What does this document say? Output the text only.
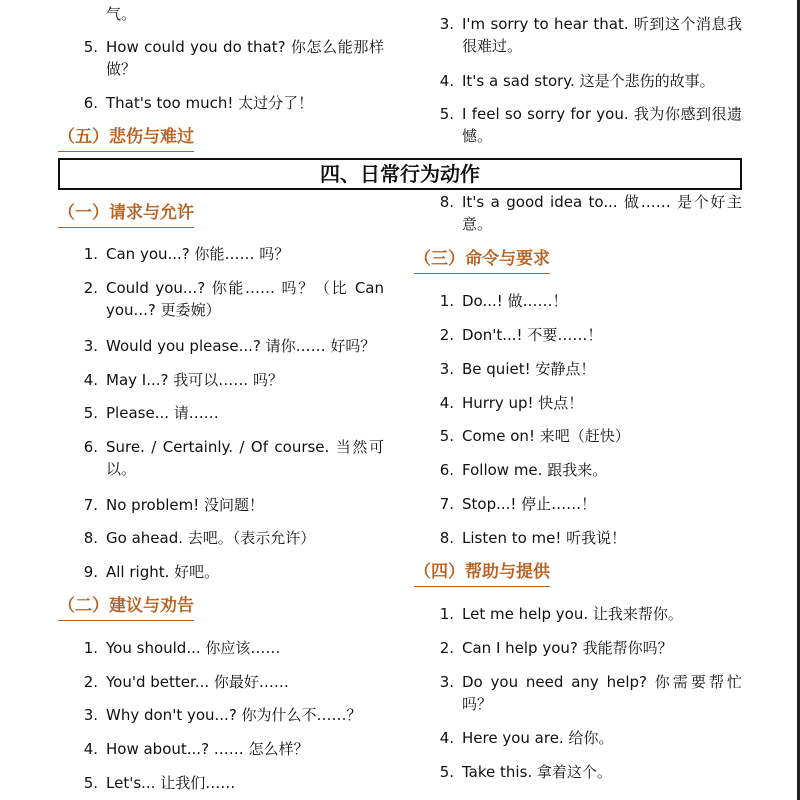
气。
5. How could you do that? 你怎么能那样做？
6. That's too much! 太过分了！
（五）悲伤与难过
（一）请求与允许
1. Can you...? 你能…… 吗？
2. Could you...? 你能…… 吗？（比 Can you...? 更委婉）
3. Would you please...? 请你…… 好吗？
4. May I...? 我可以…… 吗？
5. Please... 请……
6. Sure. / Certainly. / Of course. 当然可以。
7. No problem! 没问题！
8. Go ahead. 去吧。（表示允许）
9. All right. 好吧。
（二）建议与劝告
1. You should... 你应该……
2. You'd better... 你最好……
3. Why don't you...? 你为什么不……？
4. How about...? …… 怎么样？
5. Let's... 让我们……
3. I'm sorry to hear that. 听到这个消息我很难过。
4. It's a sad story. 这是个悲伤的故事。
5. I feel so sorry for you. 我为你感到很遗憾。
8. It's a good idea to... 做…… 是个好主意。
（三）命令与要求
1. Do...! 做……！
2. Don't...! 不要……！
3. Be quiet! 安静点！
4. Hurry up! 快点！
5. Come on! 来吧（赶快）
6. Follow me. 跟我来。
7. Stop...! 停止……！
8. Listen to me! 听我说！
（四）帮助与提供
1. Let me help you. 让我来帮你。
2. Can I help you? 我能帮你吗？
3. Do you need any help? 你需要帮忙吗？
4. Here you are. 给你。
5. Take this. 拿着这个。
四、日常行为动作
